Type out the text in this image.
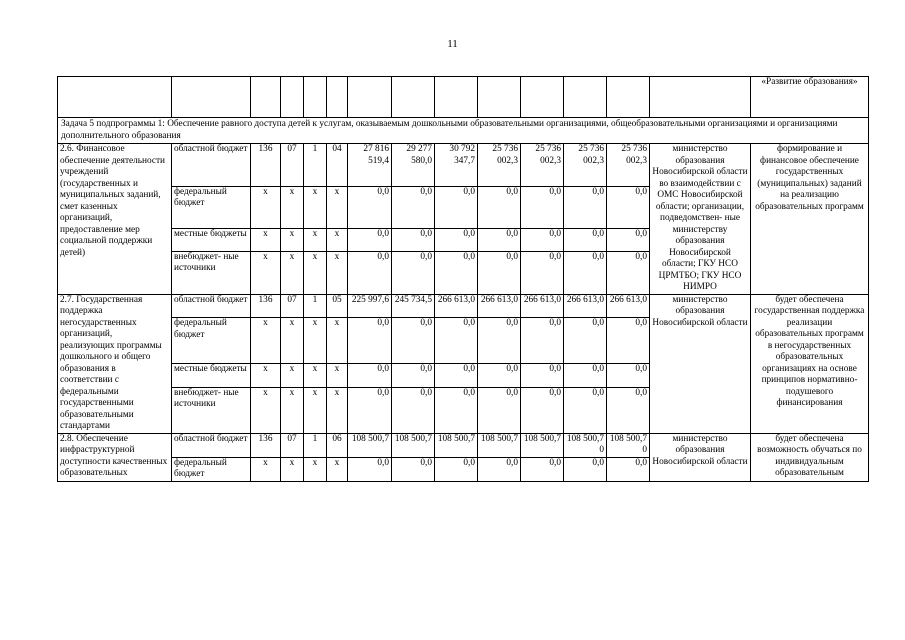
11
														«Развитие образования»
Задача 5 подпрограммы 1: Обеспечение равного доступа детей к услугам, оказываемым дошкольными образовательными организациями, общеобразовательными организациями и организациями дополнительного образования														
2.6. Финансовое обеспечение деятельности учреждений (государственных и муниципальных заданий, смет казенных организаций, предоставление мер социальной поддержки детей)	областной бюджет	136	07	1	04	27 816 519,4	29 277 580,0	30 792 347,7	25 736 002,3	25 736 002,3	25 736 002,3	25 736 002,3	министерство образования Новосибирской области во взаимодействии с ОМС Новосибирской области; организации, подведомствен- ные министерству образования Новосибирской области; ГКУ НСО ЦРМТБО; ГКУ НСО НИМРО	формирование и финансовое обеспечение государственных (муниципальных) заданий на реализацию образовательных программ
	федеральный бюджет	х	х	х	х	0,0	0,0	0,0	0,0	0,0	0,0	0,0		
	местные бюджеты	х	х	х	х	0,0	0,0	0,0	0,0	0,0	0,0	0,0		
	внебюджет- ные источники	х	х	х	х	0,0	0,0	0,0	0,0	0,0	0,0	0,0		
2.7. Государственная поддержка негосударственных организаций, реализующих программы дошкольного и общего образования в соответствии с федеральными государственными образовательными стандартами	областной бюджет	136	07	1	05	225 997,6	245 734,5	266 613,0	266 613,0	266 613,0	266 613,0	266 613,0	министерство образования Новосибирской области	будет обеспечена государственная поддержка реализации образовательных программ в негосударственных образовательных организациях на основе принципов нормативно- подушевого финансирования
	федеральный бюджет	х	х	х	х	0,0	0,0	0,0	0,0	0,0	0,0	0,0		
	местные бюджеты	х	х	х	х	0,0	0,0	0,0	0,0	0,0	0,0	0,0		
	внебюджет- ные источники	х	х	х	х	0,0	0,0	0,0	0,0	0,0	0,0	0,0		
2.8. Обеспечение инфраструктурной доступности качественных образовательных	областной бюджет	136	07	1	06	108 500,7	108 500,7	108 500,7	108 500,7	108 500,7	108 500,7 0	108 500,7 0	министерство образования Новосибирской области	будет обеспечена возможность обучаться по индивидуальным образовательным
	федеральный бюджет	х	х	х	х	0,0	0,0	0,0	0,0	0,0	0,0	0,0		
